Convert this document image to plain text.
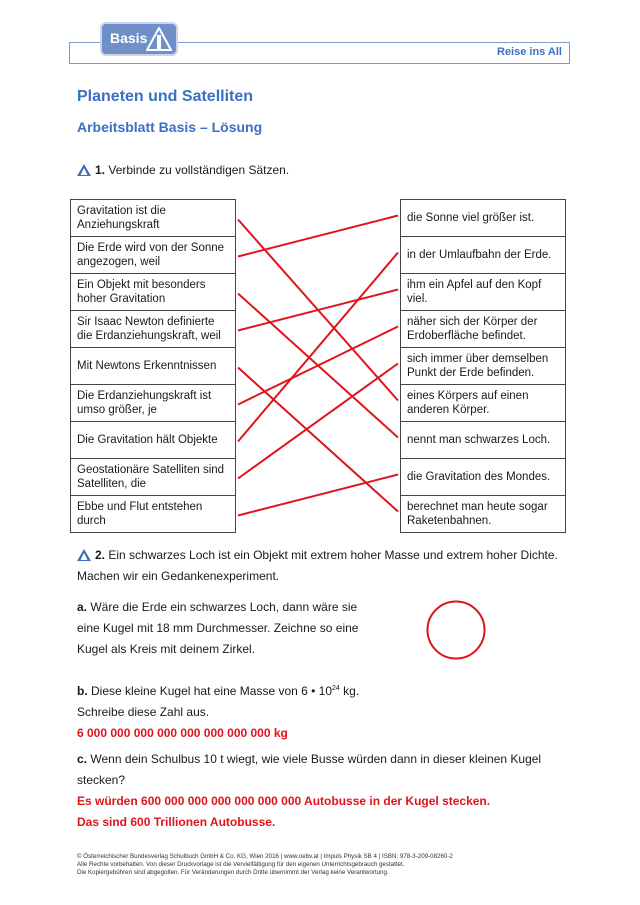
Basis
Reise ins All
Planeten und Satelliten
Arbeitsblatt Basis – Lösung
1. Verbinde zu vollständigen Sätzen.
Gravitation ist die
Anziehungskraft
Die Erde wird von der Sonne
angezogen, weil
Ein Objekt mit besonders
hoher Gravitation
Sir Isaac Newton definierte
die Erdanziehungskraft, weil
Mit Newtons Erkenntnissen
Die Erdanziehungskraft ist
umso größer, je
Die Gravitation hält Objekte
Geostationäre Satelliten sind
Satelliten, die
Ebbe und Flut entstehen
durch
die Sonne viel größer ist.
in der Umlaufbahn der Erde.
ihm ein Apfel auf den Kopf
viel.
näher sich der Körper der
Erdoberfläche befindet.
sich immer über demselben
Punkt der Erde befinden.
eines Körpers auf einen
anderen Körper.
nennt man schwarzes Loch.
die Gravitation des Mondes.
berechnet man heute sogar
Raketenbahnen.
2. Ein schwarzes Loch ist ein Objekt mit extrem hoher Masse und extrem hoher Dichte.
Machen wir ein Gedankenexperiment.
a. Wäre die Erde ein schwarzes Loch, dann wäre sie
eine Kugel mit 18 mm Durchmesser. Zeichne so eine
Kugel als Kreis mit deinem Zirkel.
b. Diese kleine Kugel hat eine Masse von 6 • $10^{24}$ kg.
Schreibe diese Zahl aus.
6 000 000 000 000 000 000 000 000 kg
c. Wenn dein Schulbus 10 t wiegt, wie viele Busse würden dann in dieser kleinen Kugel
stecken?
Es würden 600 000 000 000 000 000 000 Autobusse in der Kugel stecken.
Das sind 600 Trillionen Autobusse.
© Österreichischer Bundesverlag Schulbuch GmbH & Co. KG, Wien 2016 | www.oebv.at | Impuls Physik SB 4 | ISBN: 978-3-209-08260-2
Alle Rechte vorbehalten. Von dieser Druckvorlage ist die Vervielfältigung für den eigenen Unterrichtsgebrauch gestattet.
Die Kopiergebühren sind abgegolten. Für Veränderungen durch Dritte übernimmt der Verlag keine Verantwortung.
